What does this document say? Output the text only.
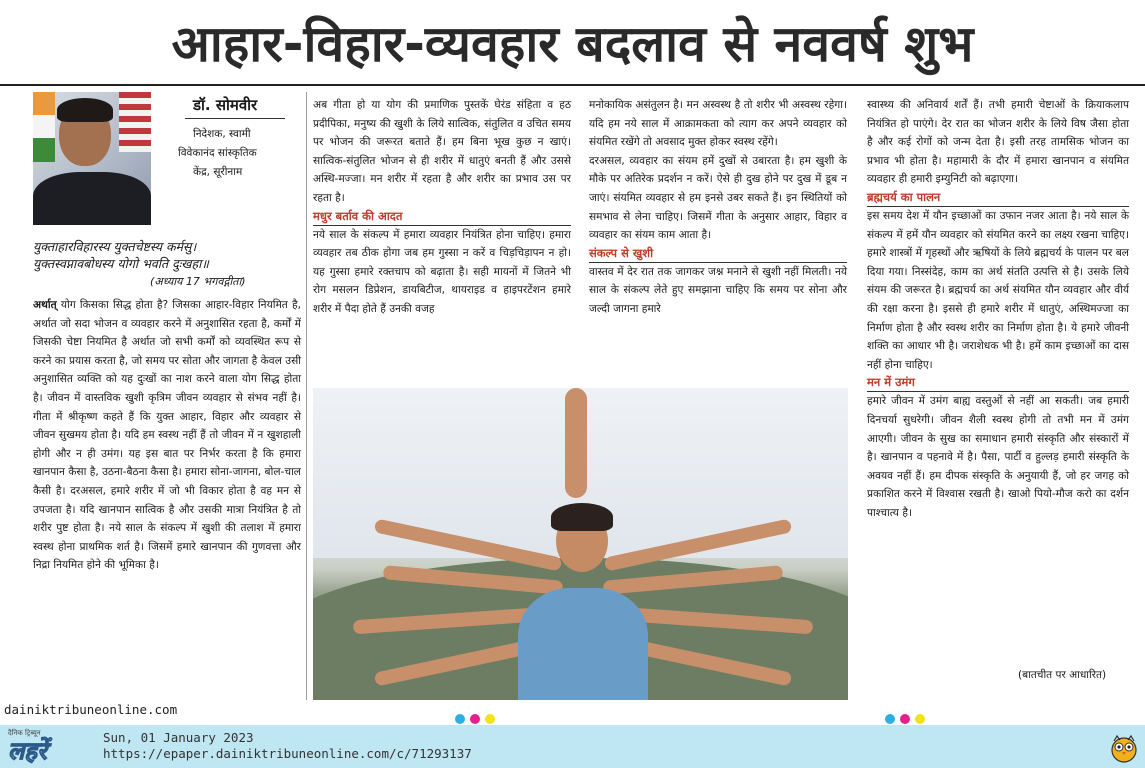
आहार-विहार-व्यवहार बदलाव से नववर्ष शुभ
डॉ. सोमवीर
निदेशक, स्वामी
विवेकानंद सांस्कृतिक
केंद्र, सूरीनाम
युक्ताहारविहारस्य युक्तचेष्टस्य कर्मसु।
युक्तस्वप्नावबोधस्य योगो भवति दुःखहा॥
(अध्याय 17 भगवद्गीता)

अर्थात् योग किसका सिद्ध होता है? जिसका आहार-विहार नियमित है, अर्थात जो सदा भोजन व व्यवहार करने में अनुशासित रहता है, कर्मों में जिसकी चेष्टा नियमित है अर्थात जो सभी कर्मों को व्यवस्थित रूप से करने का प्रयास करता है, जो समय पर सोता और जागता है केवल उसी अनुशासित व्यक्ति को यह दुःखों का नाश करने वाला योग सिद्ध होता है। जीवन में वास्तविक खुशी कृत्रिम जीवन व्यवहार से संभव नहीं है। गीता में श्रीकृष्ण कहते हैं कि युक्त आहार, विहार और व्यवहार से जीवन सुखमय होता है। यदि हम स्वस्थ नहीं हैं तो जीवन में न खुशहाली होगी और न ही उमंग। यह इस बात पर निर्भर करता है कि हमारा खानपान कैसा है, उठना-बैठना कैसा है। हमारा सोना-जागना, बोल-चाल कैसी है। दरअसल, हमारे शरीर में जो भी विकार होता है वह मन से उपजता है। यदि खानपान सात्विक है और उसकी मात्रा नियंत्रित है तो शरीर पुष्ट होता है। नये साल के संकल्प में खुशी की तलाश में हमारा स्वस्थ होना प्राथमिक शर्त है। जिसमें हमारे खानपान की गुणवत्ता और निद्रा नियमित होने की भूमिका है।

अब गीता हो या योग की प्रमाणिक पुस्तकें घेरंड संहिता व हठ प्रदीपिका, मनुष्य की खुशी के लिये सात्विक, संतुलित व उचित समय पर भोजन की जरूरत बताते हैं। हम बिना भूख कुछ न खाएं। सात्विक-संतुलित भोजन से ही शरीर में धातुएं बनती हैं और उससे अस्थि-मज्जा। मन शरीर में रहता है और शरीर का प्रभाव उस पर रहता है।

मधुर बर्ताव की आदत

नये साल के संकल्प में हमारा व्यवहार नियंत्रित होना चाहिए। हमारा व्यवहार तब ठीक होगा जब हम गुस्सा न करें व चिड़चिड़ापन न हो। यह गुस्सा हमारे रक्तचाप को बढ़ाता है। सही मायनों में जितने भी रोग मसलन डिप्रेशन, डायबिटीज, थायराइड व हाइपरटेंशन हमारे शरीर में पैदा होते हैं उनकी वजह

मनोकायिक असंतुलन है। मन अस्वस्थ है तो शरीर भी अस्वस्थ रहेगा। यदि हम नये साल में आक्रामकता को त्याग कर अपने व्यवहार को संयमित रखेंगे तो अवसाद मुक्त होकर स्वस्थ रहेंगे।

दरअसल, व्यवहार का संयम हमें दुखों से उबारता है। हम खुशी के मौके पर अतिरेक प्रदर्शन न करें। ऐसे ही दुख होने पर दुख में डूब न जाएं। संयमित व्यवहार से हम इनसे उबर सकते हैं। इन स्थितियों को समभाव से लेना चाहिए। जिसमें गीता के अनुसार आहार, विहार व व्यवहार का संयम काम आता है।

संकल्प से खुशी

वास्तव में देर रात तक जागकर जश्न मनाने से खुशी नहीं मिलती। नये साल के संकल्प लेते हुए समझाना चाहिए कि समय पर सोना और जल्दी जागना हमारे

स्वास्थ्य की अनिवार्य शर्तें हैं। तभी हमारी चेष्टाओं के क्रियाकलाप नियंत्रित हो पाएंगे। देर रात का भोजन शरीर के लिये विष जैसा होता है और कई रोगों को जन्म देता है। इसी तरह तामसिक भोजन का प्रभाव भी होता है। महामारी के दौर में हमारा खानपान व संयमित व्यवहार ही हमारी इम्युनिटी को बढ़ाएगा।

ब्रह्मचर्य का पालन

इस समय देश में यौन इच्छाओं का उफान नजर आता है। नये साल के संकल्प में हमें यौन व्यवहार को संयमित करने का लक्ष्य रखना चाहिए। हमारे शास्त्रों में गृहस्थों और ऋषियों के लिये ब्रह्मचर्य के पालन पर बल दिया गया। निस्संदेह, काम का अर्थ संतति उत्पत्ति से है। उसके लिये संयम की जरूरत है। ब्रह्मचर्य का अर्थ संयमित यौन व्यवहार और वीर्य की रक्षा करना है। इससे ही हमारे शरीर में धातुएं, अस्थिमज्जा का निर्माण होता है और स्वस्थ शरीर का निर्माण होता है। ये हमारे जीवनी शक्ति का आधार भी है। जराशेधक भी है। हमें काम इच्छाओं का दास नहीं होना चाहिए।

मन में उमंग

हमारे जीवन में उमंग बाह्य वस्तुओं से नहीं आ सकती। जब हमारी दिनचर्या सुधरेगी। जीवन शैली स्वस्थ होगी तो तभी मन में उमंग आएगी। जीवन के सुख का समाधान हमारी संस्कृति और संस्कारों में है। खानपान व पहनावे में है। पैसा, पार्टी व हुल्लड़ हमारी संस्कृति के अवयव नहीं हैं। हम दीपक संस्कृति के अनुयायी हैं, जो हर जगह को प्रकाशित करने में विश्वास रखती है। खाओ पियो-मौज करो का दर्शन पाश्चात्य है।

(बातचीत पर आधारित)
dainiktribuneonline.com
दैनिक ट्रिब्यून
लहरें	Sun, 01 January 2023
https://epaper.dainiktribuneonline.com/c/71293137
